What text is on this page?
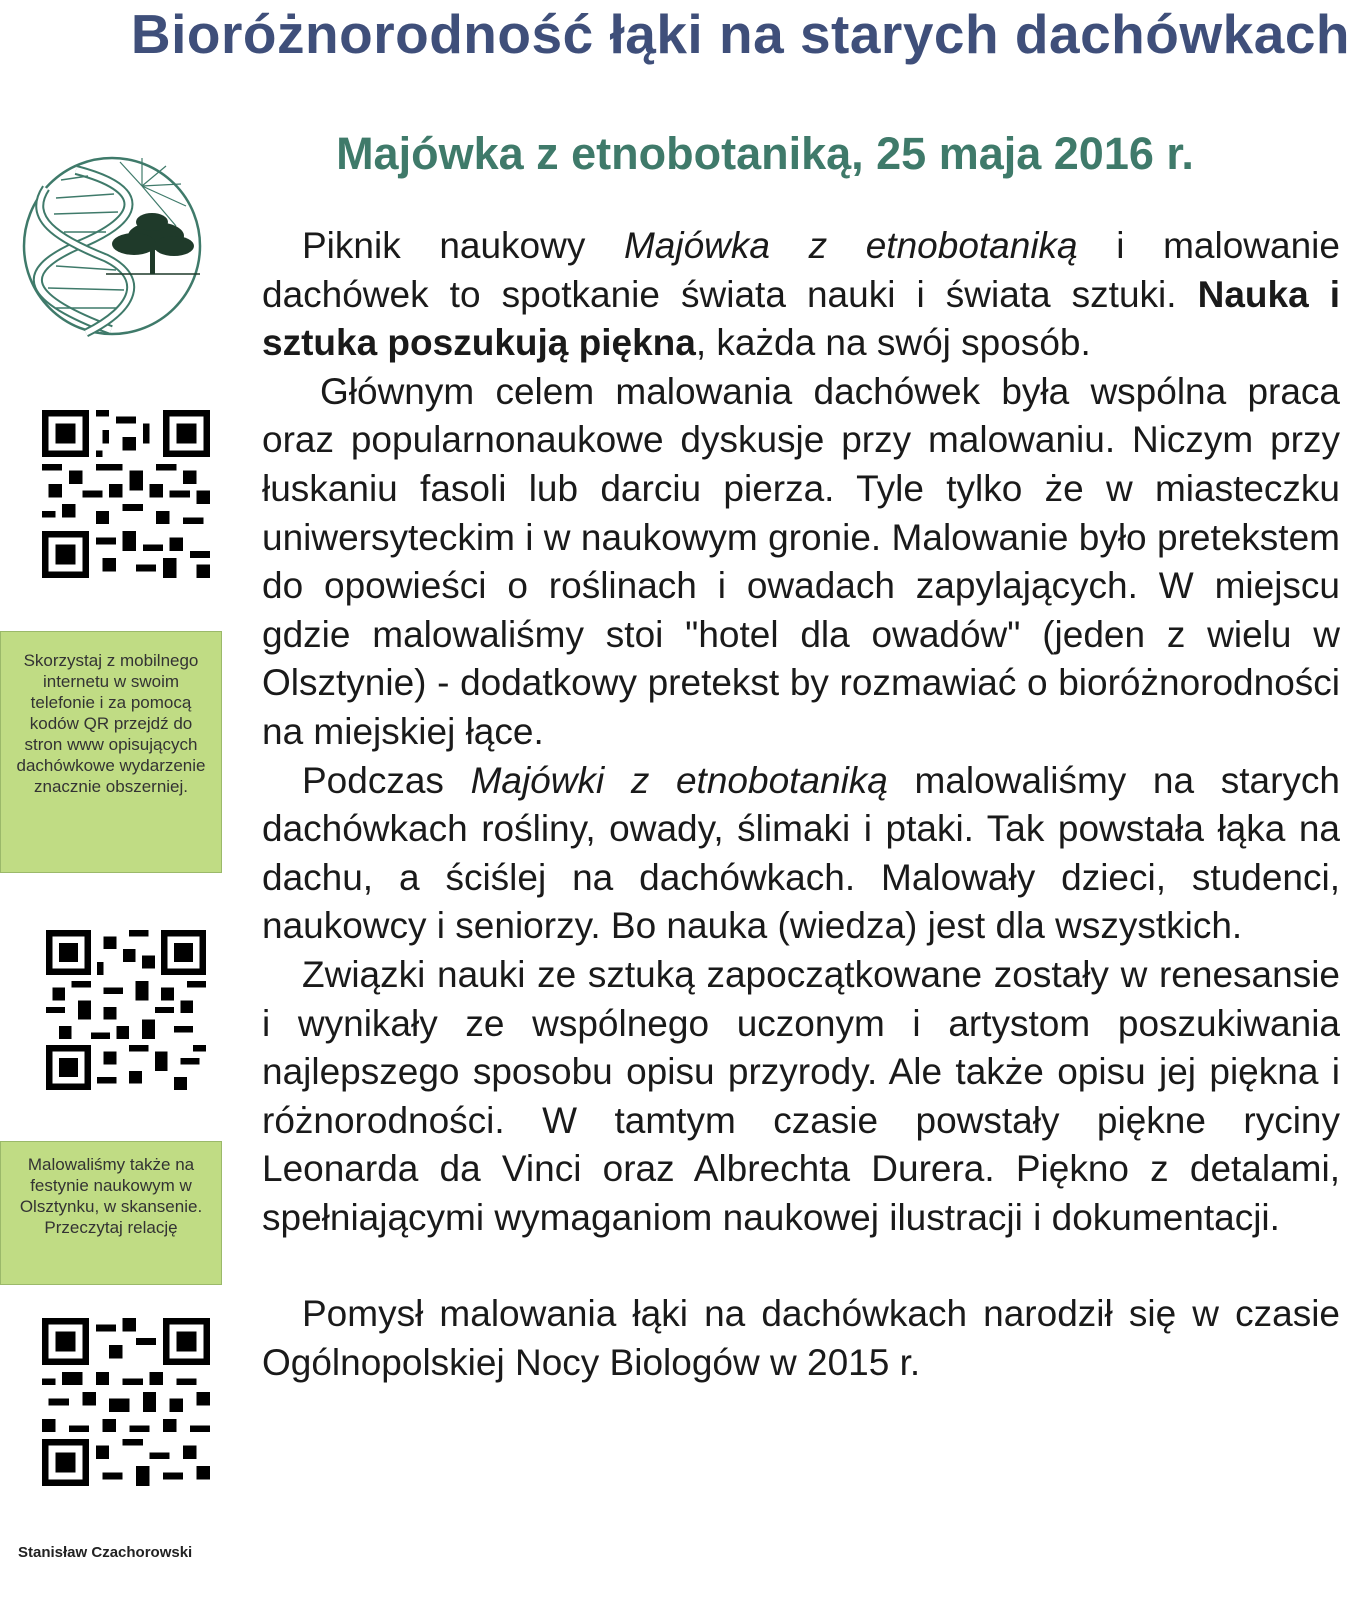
Bioróżnorodność łąki na starych dachówkach
Majówka z etnobotaniką, 25 maja 2016 r.
Skorzystaj z mobilnego internetu w swoim telefonie i za pomocą kodów QR przejdź do stron www opisujących dachówkowe wydarzenie znacznie obszerniej.
Malowaliśmy także na festynie naukowym w Olsztynku, w skansenie. Przeczytaj relację
Stanisław Czachorowski

Piknik naukowy Majówka z etnobotaniką i malowanie dachówek to spotkanie świata nauki i świata sztuki. Nauka i sztuka poszukują piękna, każda na swój sposób.

Głównym celem malowania dachówek była wspólna praca oraz popularnonaukowe dyskusje przy malowaniu. Niczym przy łuskaniu fasoli lub darciu pierza. Tyle tylko że w miasteczku uniwersyteckim i w naukowym gronie. Malowanie było pretekstem do opowieści o roślinach i owadach zapylających. W miejscu gdzie malowaliśmy stoi "hotel dla owadów" (jeden z wielu w Olsztynie) - dodatkowy pretekst by rozmawiać o bioróżnorodności na miejskiej łące.

Podczas Majówki z etnobotaniką malowaliśmy na starych dachówkach rośliny, owady, ślimaki i ptaki. Tak powstała łąka na dachu, a ściślej na dachówkach. Malowały dzieci, studenci, naukowcy i seniorzy. Bo nauka (wiedza) jest dla wszystkich.

Związki nauki ze sztuką zapoczątkowane zostały w renesansie i wynikały ze wspólnego uczonym i artystom poszukiwania najlepszego sposobu opisu przyrody. Ale także opisu jej piękna i różnorodności. W tamtym czasie powstały piękne ryciny Leonarda da Vinci oraz Albrechta Durera. Piękno z detalami, spełniającymi wymaganiom naukowej ilustracji i dokumentacji.

Pomysł malowania łąki na dachówkach narodził się w czasie Ogólnopolskiej Nocy Biologów w 2015 r.
